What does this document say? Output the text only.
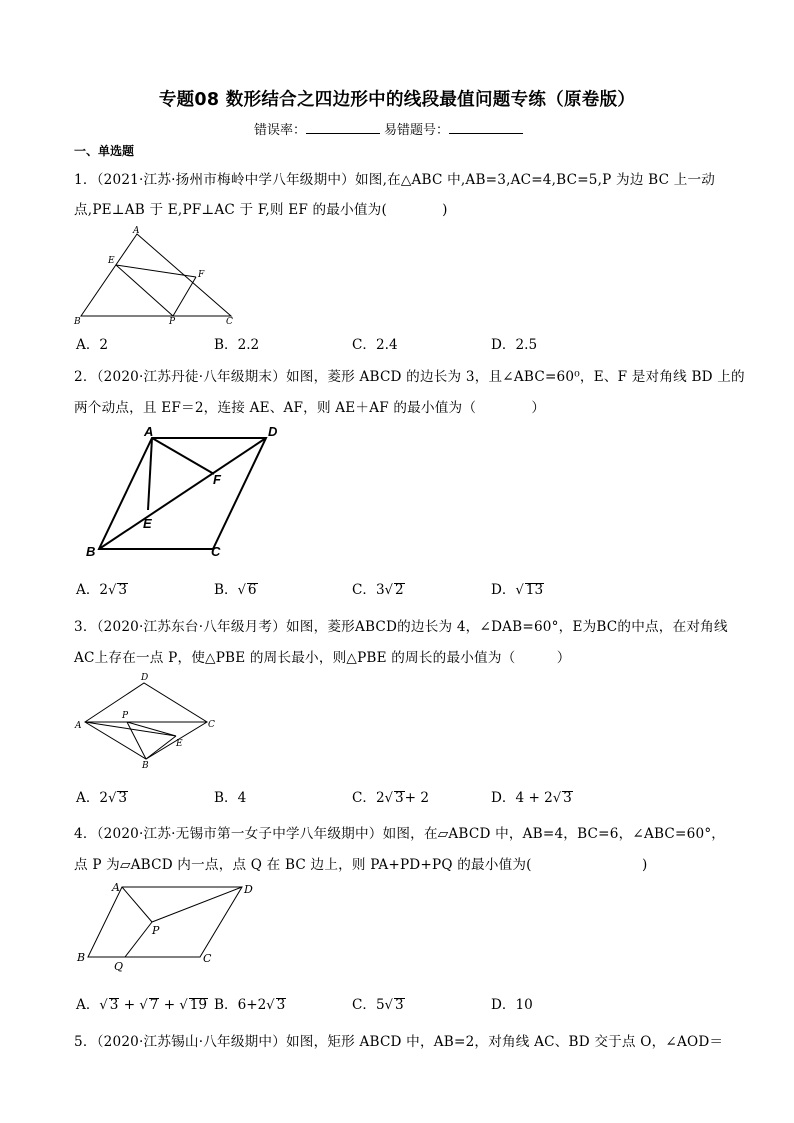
专题08 数形结合之四边形中的线段最值问题专练（原卷版）
错误率：	易错题号：
一、单选题
1．（2021·江苏·扬州市梅岭中学八年级期中）如图,在△ABC 中,AB=3,AC=4,BC=5,P 为边 BC 上一动
点,PE⊥AB 于 E,PF⊥AC 于 F,则 EF 的最小值为(　　　　)
A
E
F
B	P	C
A．2	B．2.2	C．2.4	D．2.5
2．（2020·江苏丹徒·八年级期末）如图，菱形 ABCD 的边长为 3，且∠ABC=60⁰，E、F 是对角线 BD 上的
两个动点，且 EF＝2，连接 AE、AF，则 AE＋AF 的最小值为（　　　　）
A	D
F
E
B	C
A．2√ 3	B．√ 6	C．3√ 2	D．√ 13
3．（2020·江苏东台·八年级月考）如图，菱形ABCD的边长为 4，∠DAB=60°，E为BC的中点，在对角线
AC上存在一点 P，使△PBE 的周长最小，则△PBE 的周长的最小值为（　　　）
D
A
P
C
E
B
A．2√ 3	B．4	C．2√ 3+ 2	D．4 + 2√ 3
4．（2020·江苏·无锡市第一女子中学八年级期中）如图，在▱ABCD 中，AB=4，BC=6，∠ABC=60°，
点 P 为▱ABCD 内一点，点 Q 在 BC 边上，则 PA+PD+PQ 的最小值为(　　　　　　　　)
A	D
P
B
Q
C
A．√ 3 + √ 7 + √ 19 B．6+2√ 3	C．5√ 3	D．10
5．（2020·江苏锡山·八年级期中）如图，矩形 ABCD 中，AB=2，对角线 AC、BD 交于点 O，∠AOD＝
